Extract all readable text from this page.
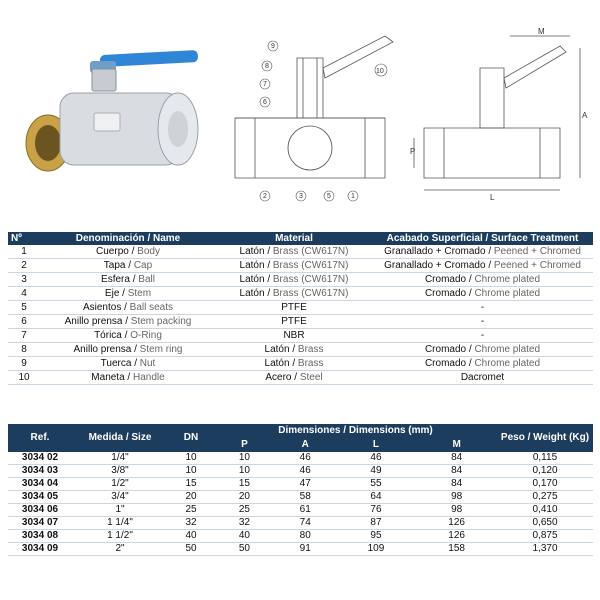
9
8
7
6
10
2	3	5	1
M
A
P
L
Nº	Denominación / Name	Material	Acabado Superficial / Surface Treatment
1	Cuerpo / Body	Latón / Brass (CW617N)	Granallado + Cromado / Peened + Chromed
2	Tapa / Cap	Latón / Brass (CW617N)	Granallado + Cromado / Peened + Chromed
3	Esfera / Ball	Latón / Brass (CW617N)	Cromado / Chrome plated
4	Eje / Stem	Latón / Brass (CW617N)	Cromado / Chrome plated
5	Asientos / Ball seats	PTFE	-
6	Anillo prensa / Stem packing	PTFE	-
7	Tórica / O-Ring	NBR	-
8	Anillo prensa / Stem ring	Latón / Brass	Cromado / Chrome plated
9	Tuerca / Nut	Latón / Brass	Cromado / Chrome plated
10	Maneta / Handle	Acero / Steel	Dacromet
Ref.	Medida / Size	DN	Dimensiones / Dimensions (mm)				Peso / Weight (Kg)
			P	A	L	M	
3034 02	1/4"	10	10	46	46	84	0,115
3034 03	3/8"	10	10	46	49	84	0,120
3034 04	1/2"	15	15	47	55	84	0,170
3034 05	3/4"	20	20	58	64	98	0,275
3034 06	1"	25	25	61	76	98	0,410
3034 07	1 1/4"	32	32	74	87	126	0,650
3034 08	1 1/2"	40	40	80	95	126	0,875
3034 09	2"	50	50	91	109	158	1,370
